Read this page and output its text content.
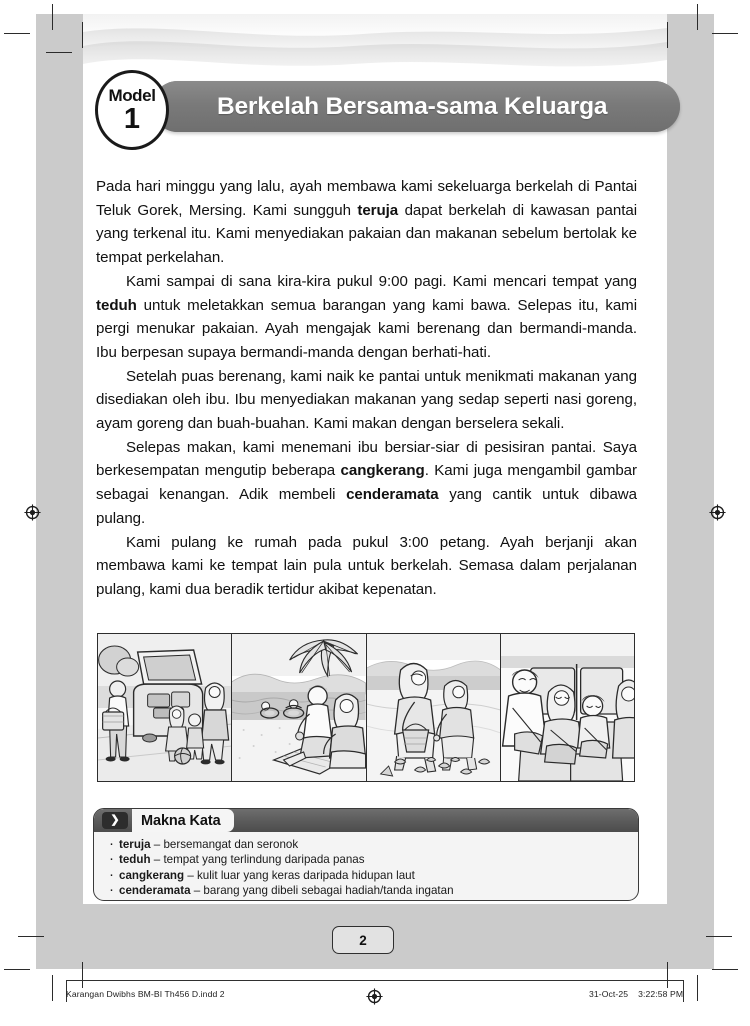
Berkelah Bersama-sama Keluarga
Model
1
Pada hari minggu yang lalu, ayah membawa kami sekeluarga berkelah di Pantai Teluk Gorek, Mersing. Kami sungguh teruja dapat berkelah di kawasan pantai yang terkenal itu. Kami menyediakan pakaian dan makanan sebelum bertolak ke tempat perkelahan.
Kami sampai di sana kira-kira pukul 9:00 pagi. Kami mencari tempat yang teduh untuk meletakkan semua barangan yang kami bawa. Selepas itu, kami pergi menukar pakaian. Ayah mengajak kami berenang dan bermandi-manda. Ibu berpesan supaya bermandi-manda dengan berhati-hati.
Setelah puas berenang, kami naik ke pantai untuk menikmati makanan yang disediakan oleh ibu. Ibu menyediakan makanan yang sedap seperti nasi goreng, ayam goreng dan buah-buahan. Kami makan dengan berselera sekali.
Selepas makan, kami menemani ibu bersiar-siar di pesisiran pantai. Saya berkesempatan mengutip beberapa cangkerang. Kami juga mengambil gambar sebagai kenangan. Adik membeli cenderamata yang cantik untuk dibawa pulang.
Kami pulang ke rumah pada pukul 3:00 petang. Ayah berjanji akan membawa kami ke tempat lain pula untuk berkelah. Semasa dalam perjalanan pulang, kami dua beradik tertidur akibat kepenatan.
Makna Kata
❯
· teruja – bersemangat dan seronok
· teduh – tempat yang terlindung daripada panas
· cangkerang – kulit luar yang keras daripada hidupan laut
· cenderamata – barang yang dibeli sebagai hadiah/tanda ingatan
2
Karangan Dwibhs BM-BI Th456 D.indd 2	31-Oct-25 3:22:58 PM
